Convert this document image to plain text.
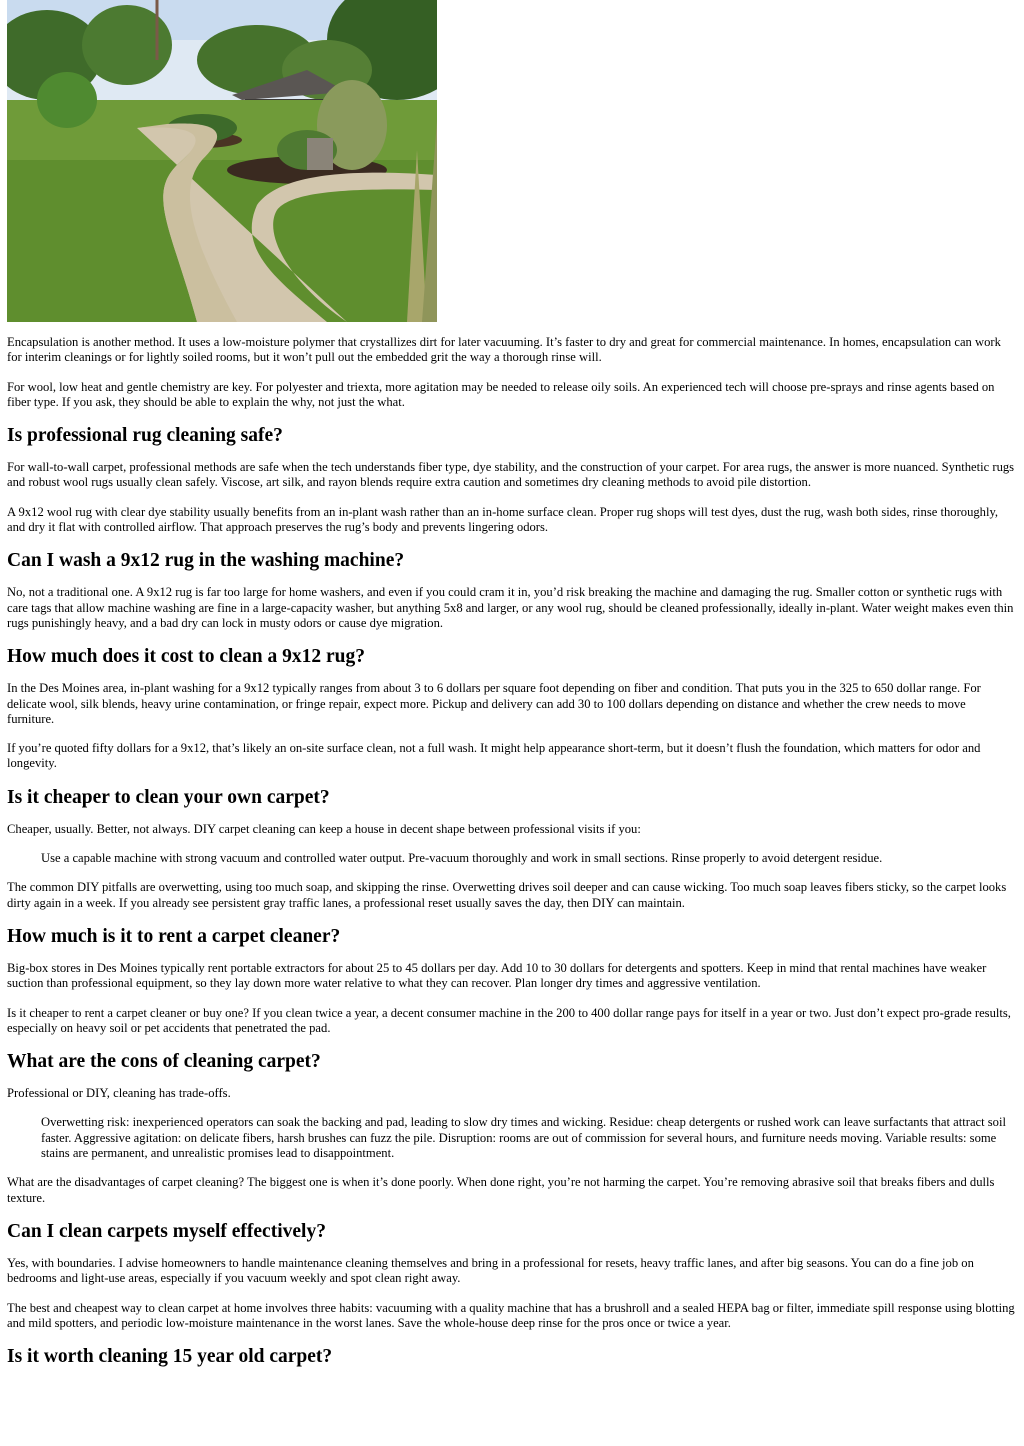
Encapsulation is another method. It uses a low-moisture polymer that crystallizes dirt for later vacuuming. It’s faster to dry and great for commercial maintenance. In homes, encapsulation can work for interim cleanings or for lightly soiled rooms, but it won’t pull out the embedded grit the way a thorough rinse will.

For wool, low heat and gentle chemistry are key. For polyester and triexta, more agitation may be needed to release oily soils. An experienced tech will choose pre-sprays and rinse agents based on fiber type. If you ask, they should be able to explain the why, not just the what.

Is professional rug cleaning safe?

For wall-to-wall carpet, professional methods are safe when the tech understands fiber type, dye stability, and the construction of your carpet. For area rugs, the answer is more nuanced. Synthetic rugs and robust wool rugs usually clean safely. Viscose, art silk, and rayon blends require extra caution and sometimes dry cleaning methods to avoid pile distortion.

A 9x12 wool rug with clear dye stability usually benefits from an in-plant wash rather than an in-home surface clean. Proper rug shops will test dyes, dust the rug, wash both sides, rinse thoroughly, and dry it flat with controlled airflow. That approach preserves the rug’s body and prevents lingering odors.

Can I wash a 9x12 rug in the washing machine?

No, not a traditional one. A 9x12 rug is far too large for home washers, and even if you could cram it in, you’d risk breaking the machine and damaging the rug. Smaller cotton or synthetic rugs with care tags that allow machine washing are fine in a large-capacity washer, but anything 5x8 and larger, or any wool rug, should be cleaned professionally, ideally in-plant. Water weight makes even thin rugs punishingly heavy, and a bad dry can lock in musty odors or cause dye migration.

How much does it cost to clean a 9x12 rug?

In the Des Moines area, in-plant washing for a 9x12 typically ranges from about 3 to 6 dollars per square foot depending on fiber and condition. That puts you in the 325 to 650 dollar range. For delicate wool, silk blends, heavy urine contamination, or fringe repair, expect more. Pickup and delivery can add 30 to 100 dollars depending on distance and whether the crew needs to move furniture.

If you’re quoted fifty dollars for a 9x12, that’s likely an on-site surface clean, not a full wash. It might help appearance short-term, but it doesn’t flush the foundation, which matters for odor and longevity.

Is it cheaper to clean your own carpet?

Cheaper, usually. Better, not always. DIY carpet cleaning can keep a house in decent shape between professional visits if you:

Use a capable machine with strong vacuum and controlled water output. Pre-vacuum thoroughly and work in small sections. Rinse properly to avoid detergent residue.

The common DIY pitfalls are overwetting, using too much soap, and skipping the rinse. Overwetting drives soil deeper and can cause wicking. Too much soap leaves fibers sticky, so the carpet looks dirty again in a week. If you already see persistent gray traffic lanes, a professional reset usually saves the day, then DIY can maintain.

How much is it to rent a carpet cleaner?

Big-box stores in Des Moines typically rent portable extractors for about 25 to 45 dollars per day. Add 10 to 30 dollars for detergents and spotters. Keep in mind that rental machines have weaker suction than professional equipment, so they lay down more water relative to what they can recover. Plan longer dry times and aggressive ventilation.

Is it cheaper to rent a carpet cleaner or buy one? If you clean twice a year, a decent consumer machine in the 200 to 400 dollar range pays for itself in a year or two. Just don’t expect pro-grade results, especially on heavy soil or pet accidents that penetrated the pad.

What are the cons of cleaning carpet?

Professional or DIY, cleaning has trade-offs.

Overwetting risk: inexperienced operators can soak the backing and pad, leading to slow dry times and wicking. Residue: cheap detergents or rushed work can leave surfactants that attract soil faster. Aggressive agitation: on delicate fibers, harsh brushes can fuzz the pile. Disruption: rooms are out of commission for several hours, and furniture needs moving. Variable results: some stains are permanent, and unrealistic promises lead to disappointment.

What are the disadvantages of carpet cleaning? The biggest one is when it’s done poorly. When done right, you’re not harming the carpet. You’re removing abrasive soil that breaks fibers and dulls texture.

Can I clean carpets myself effectively?

Yes, with boundaries. I advise homeowners to handle maintenance cleaning themselves and bring in a professional for resets, heavy traffic lanes, and after big seasons. You can do a fine job on bedrooms and light-use areas, especially if you vacuum weekly and spot clean right away.

The best and cheapest way to clean carpet at home involves three habits: vacuuming with a quality machine that has a brushroll and a sealed HEPA bag or filter, immediate spill response using blotting and mild spotters, and periodic low-moisture maintenance in the worst lanes. Save the whole-house deep rinse for the pros once or twice a year.

Is it worth cleaning 15 year old carpet?
